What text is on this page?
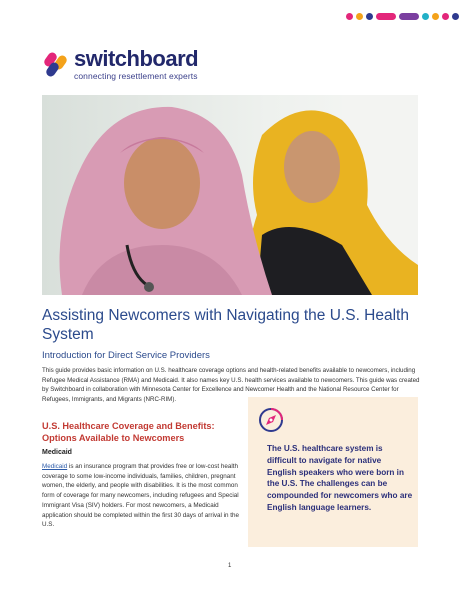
switchboard
connecting resettlement experts
Assisting Newcomers with Navigating the U.S. Health System
Introduction for Direct Service Providers
This guide provides basic information on U.S. healthcare coverage options and health-related benefits available to newcomers, including Refugee Medical Assistance (RMA) and Medicaid. It also names key U.S. health services available to newcomers. This guide was created by Switchboard in collaboration with Minnesota Center for Excellence and Newcomer Health and the National Resource Center for Refugees, Immigrants, and Migrants (NRC-RIM).
U.S. Healthcare Coverage and Benefits: Options Available to Newcomers
Medicaid
Medicaid is an insurance program that provides free or low-cost health coverage to some low-income individuals, families, children, pregnant women, the elderly, and people with disabilities. It is the most common form of coverage for many newcomers, including refugees and Special Immigrant Visa (SIV) holders. For most newcomers, a Medicaid application should be completed within the first 30 days of arrival in the U.S.
The U.S. healthcare system is difficult to navigate for native English speakers who were born in the U.S. The challenges can be compounded for newcomers who are English language learners.
1
